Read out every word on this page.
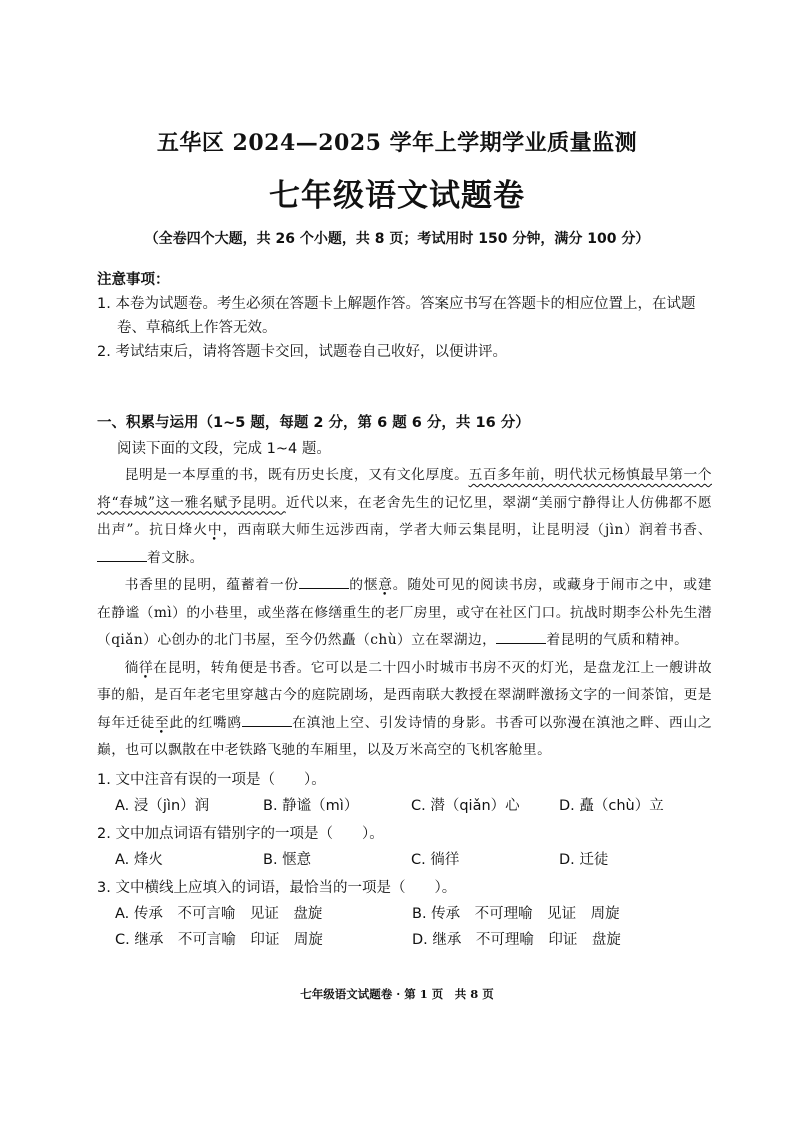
五华区 2024—2025 学年上学期学业质量监测
七年级语文试题卷
（全卷四个大题，共 26 个小题，共 8 页；考试用时 150 分钟，满分 100 分）
注意事项：
1. 本卷为试题卷。考生必须在答题卡上解题作答。答案应书写在答题卡的相应位置上，在试题卷、草稿纸上作答无效。
2. 考试结束后，请将答题卡交回，试题卷自己收好，以便讲评。
一、积累与运用（1~5 题，每题 2 分，第 6 题 6 分，共 16 分）
阅读下面的文段，完成 1~4 题。
昆明是一本厚重的书，既有历史长度，又有文化厚度。五百多年前，明代状元杨慎最早第一个将“春城”这一雅名赋予昆明。近代以来，在老舍先生的记忆里，翠湖“美丽宁静得让人仿佛都不愿出声”。抗日烽火中，西南联大师生远涉西南，学者大师云集昆明，让昆明浸（jìn）润着书香、着文脉。
书香里的昆明，蕴蓄着一份	的惬意。随处可见的阅读书房，或藏身于闹市之中，或建在静谧（mì）的小巷里，或坐落在修缮重生的老厂房里，或守在社区门口。抗战时期李公朴先生潜（qiǎn）心创办的北门书屋，至今仍然矗（chù）立在翠湖边，	着昆明的气质和精神。
徜徉在昆明，转角便是书香。它可以是二十四小时城市书房不灭的灯光，是盘龙江上一艘讲故事的船，是百年老宅里穿越古今的庭院剧场，是西南联大教授在翠湖畔激扬文字的一间茶馆，更是每年迁徒至此的红嘴鸥	在滇池上空、引发诗情的身影。书香可以弥漫在滇池之畔、西山之巅，也可以飘散在中老铁路飞驰的车厢里，以及万米高空的飞机客舱里。
1. 文中注音有误的一项是（　　）。
A. 浸（jìn）润	B. 静谧（mì）	C. 潜（qiǎn）心	D. 矗（chù）立
2. 文中加点词语有错别字的一项是（　　）。
A. 烽火	B. 惬意	C. 徜徉	D. 迁徒
3. 文中横线上应填入的词语，最恰当的一项是（　　）。
A. 传承　不可言喻　见证　盘旋	B. 传承　不可理喻　见证　周旋
C. 继承　不可言喻　印证　周旋	D. 继承　不可理喻　印证　盘旋
七年级语文试题卷 · 第 1 页　共 8 页
